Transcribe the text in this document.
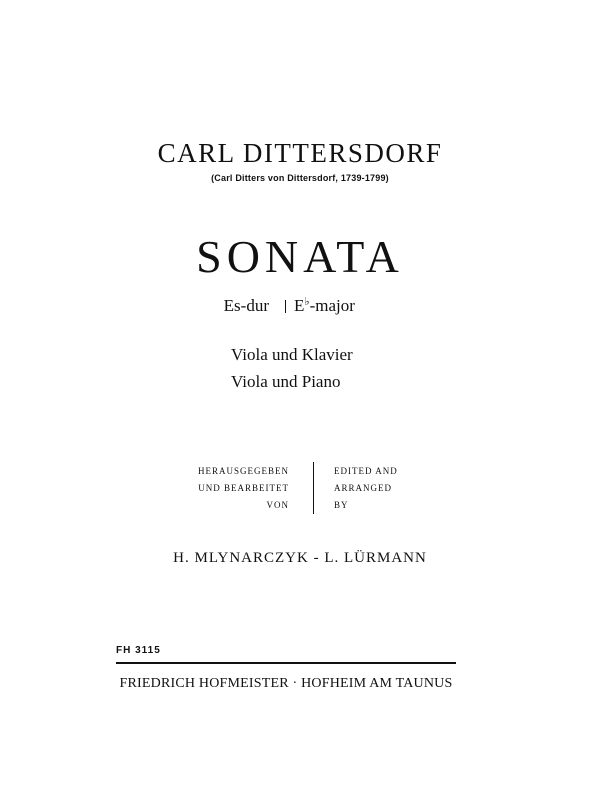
CARL DITTERSDORF
(Carl Ditters von Dittersdorf, 1739-1799)
SONATA
Es-dur E♭-major
Viola und Klavier
Viola und Piano
HERAUSGEGEBEN
UND BEARBEITET
VON
EDITED AND
ARRANGED
BY
H. MLYNARCZYK - L. LÜRMANN
FH 3115
FRIEDRICH HOFMEISTER · HOFHEIM AM TAUNUS
